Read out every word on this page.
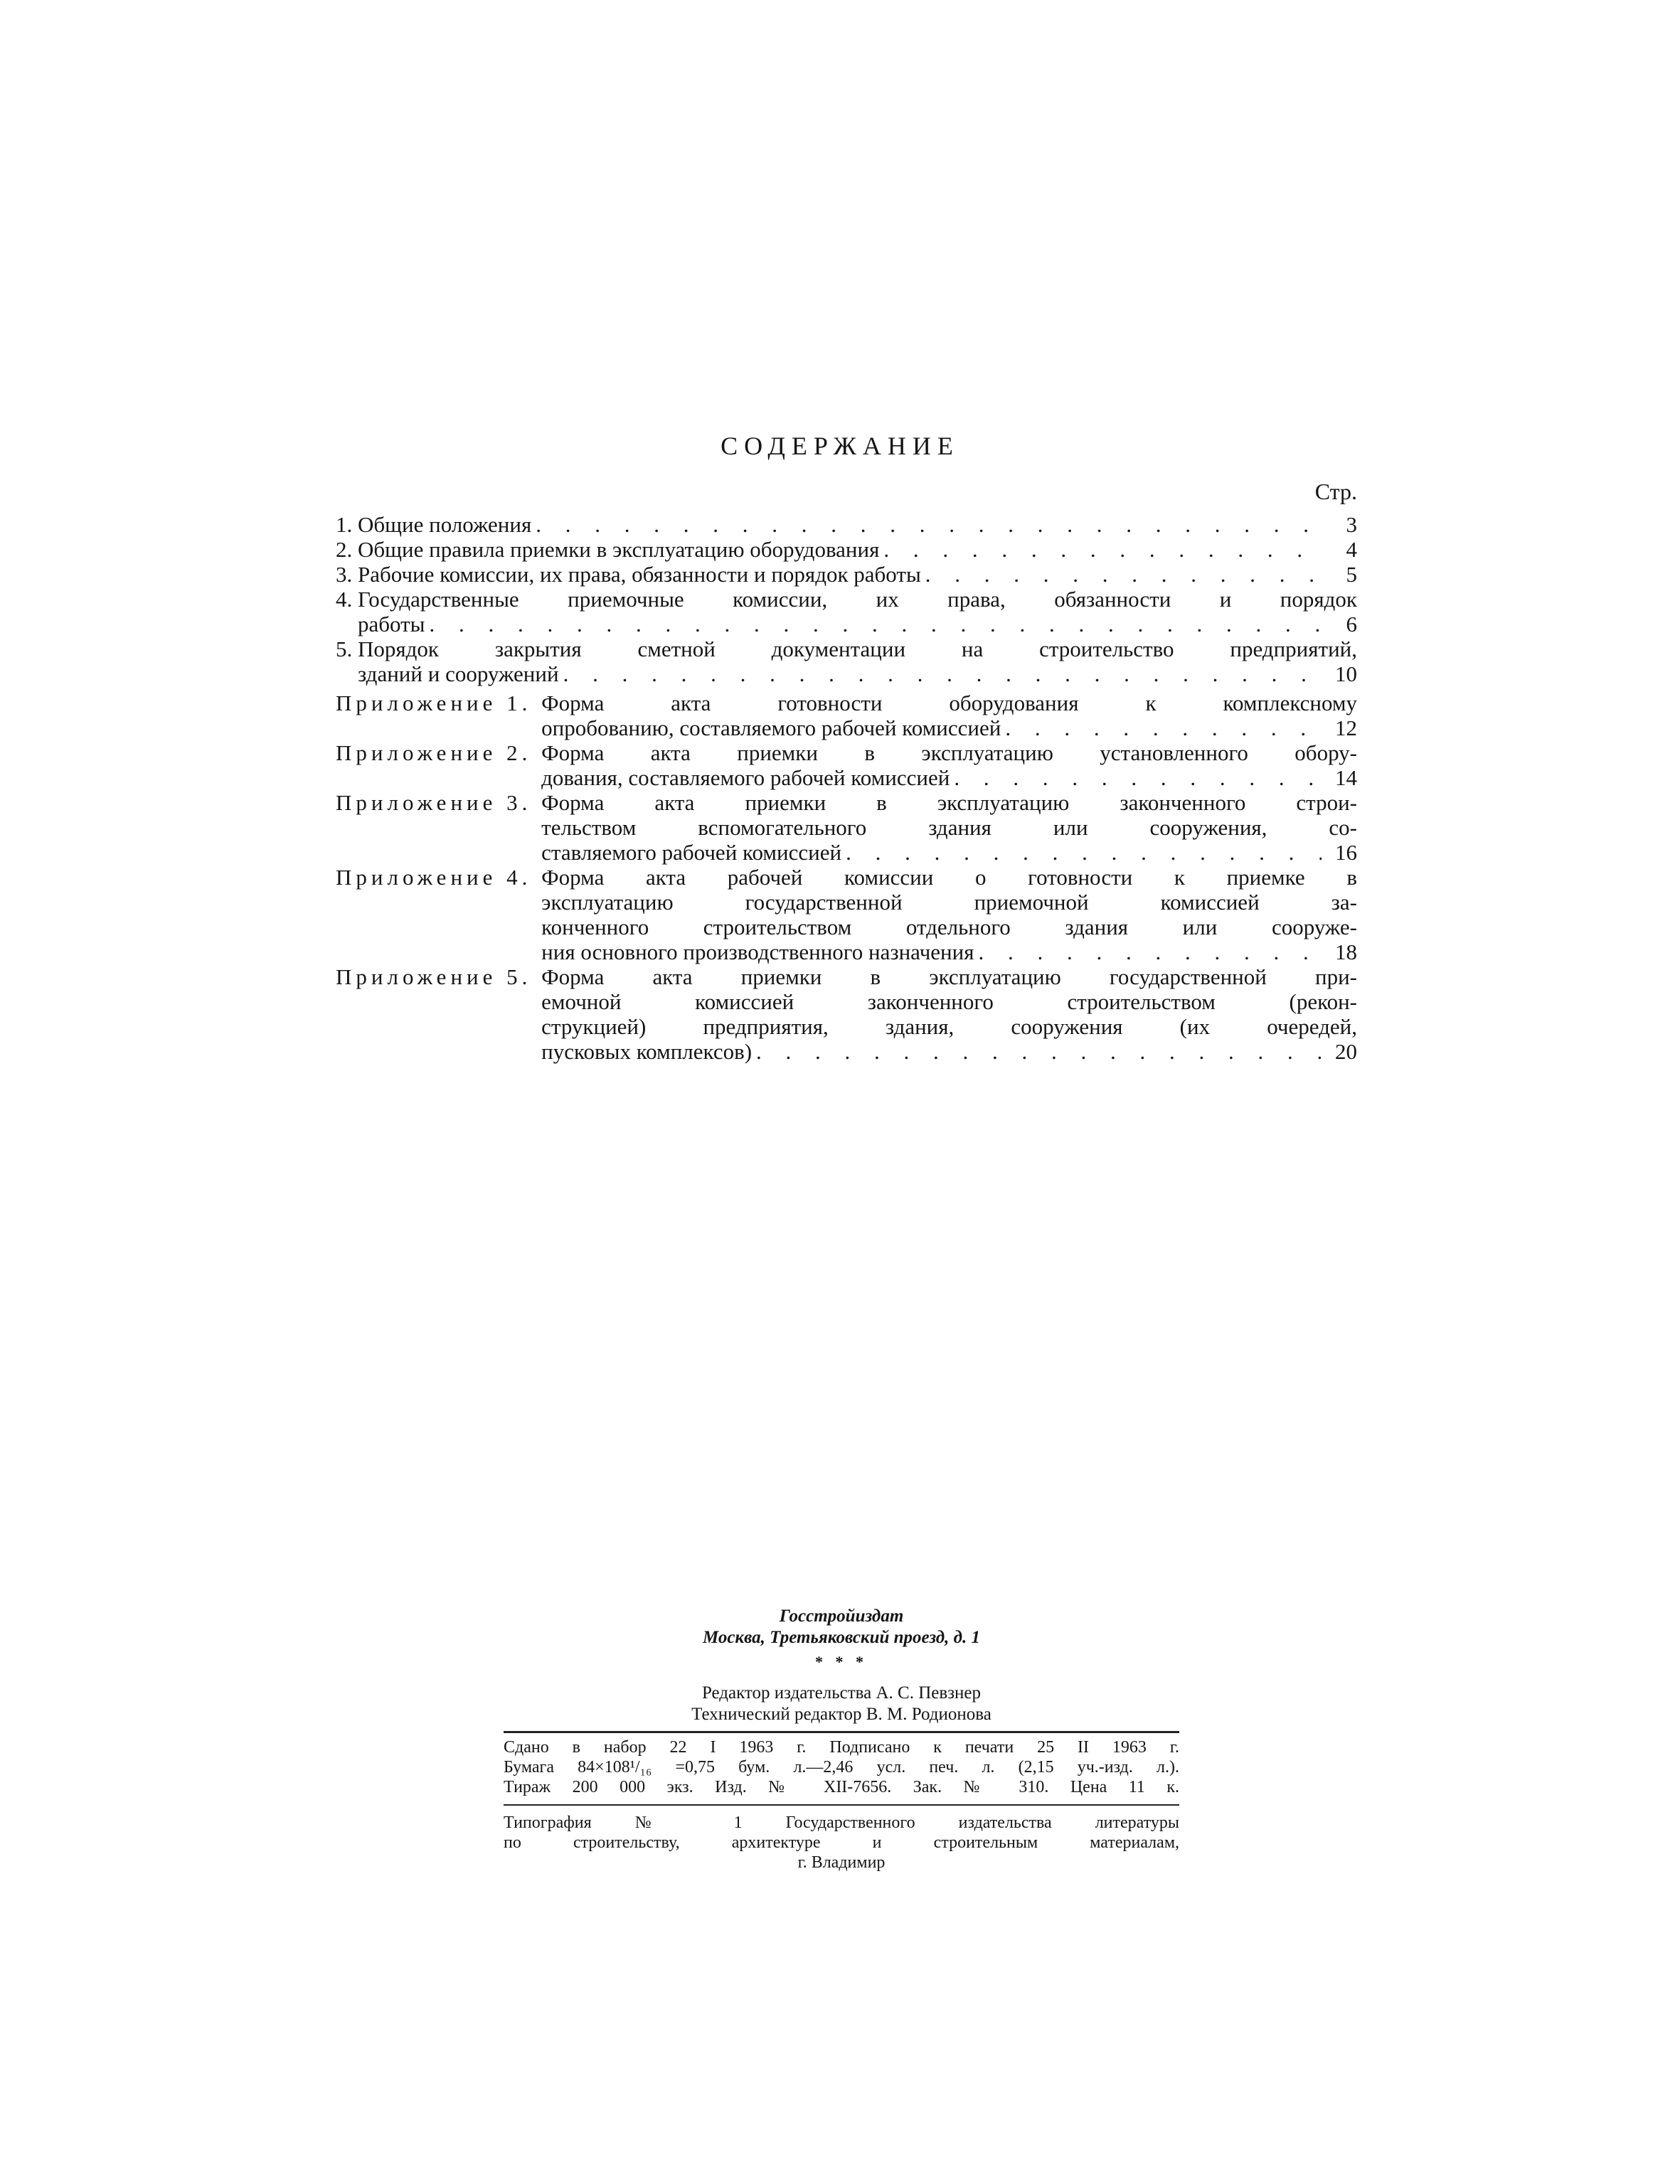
СОДЕРЖАНИЕ
Стр.
1. Общие положения . . .	3
2. Общие правила приемки в эксплуатацию оборудования . . .	4
3. Рабочие комиссии, их права, обязанности и порядок работы . . .	5
4. Государственные приемочные комиссии, их права, обязанности и порядок
работы . . .	6
5. Порядок закрытия сметной документации на строительство предприятий,
зданий и сооружений . . .	10
Приложение 1. Форма акта готовности оборудования к комплексному
опробованию, составляемого рабочей комиссией . . .	12
Приложение 2. Форма акта приемки в эксплуатацию установленного обору-
дования, составляемого рабочей комиссией . . .	14
Приложение 3. Форма акта приемки в эксплуатацию законченного строи-
тельством вспомогательного здания или сооружения, со-
ставляемого рабочей комиссией . . .	16
Приложение 4. Форма акта рабочей комиссии о готовности к приемке в
эксплуатацию государственной приемочной комиссией за-
конченного строительством отдельного здания или сооруже-
ния основного производственного назначения . . .	18
Приложение 5. Форма акта приемки в эксплуатацию государственной при-
емочной комиссией законченного строительством (рекон-
струкцией) предприятия, здания, сооружения (их очередей,
пусковых комплексов) . . .	20
Госстройиздат
Москва, Третьяковский проезд, д. 1
* * *
Редактор издательства А. С. Певзнер
Технический редактор В. М. Родионова
Сдано в набор 22 I 1963 г. Подписано к печати 25 II 1963 г.
Бумага 84×108¹/₁₆ =0,75 бум. л.—2,46 усл. печ. л. (2,15 уч.-изд. л.).
Тираж 200 000 экз. Изд. № XII-7656. Зак. № 310. Цена 11 к.
Типография № 1 Государственного издательства литературы
по строительству, архитектуре и строительным материалам,
г. Владимир
